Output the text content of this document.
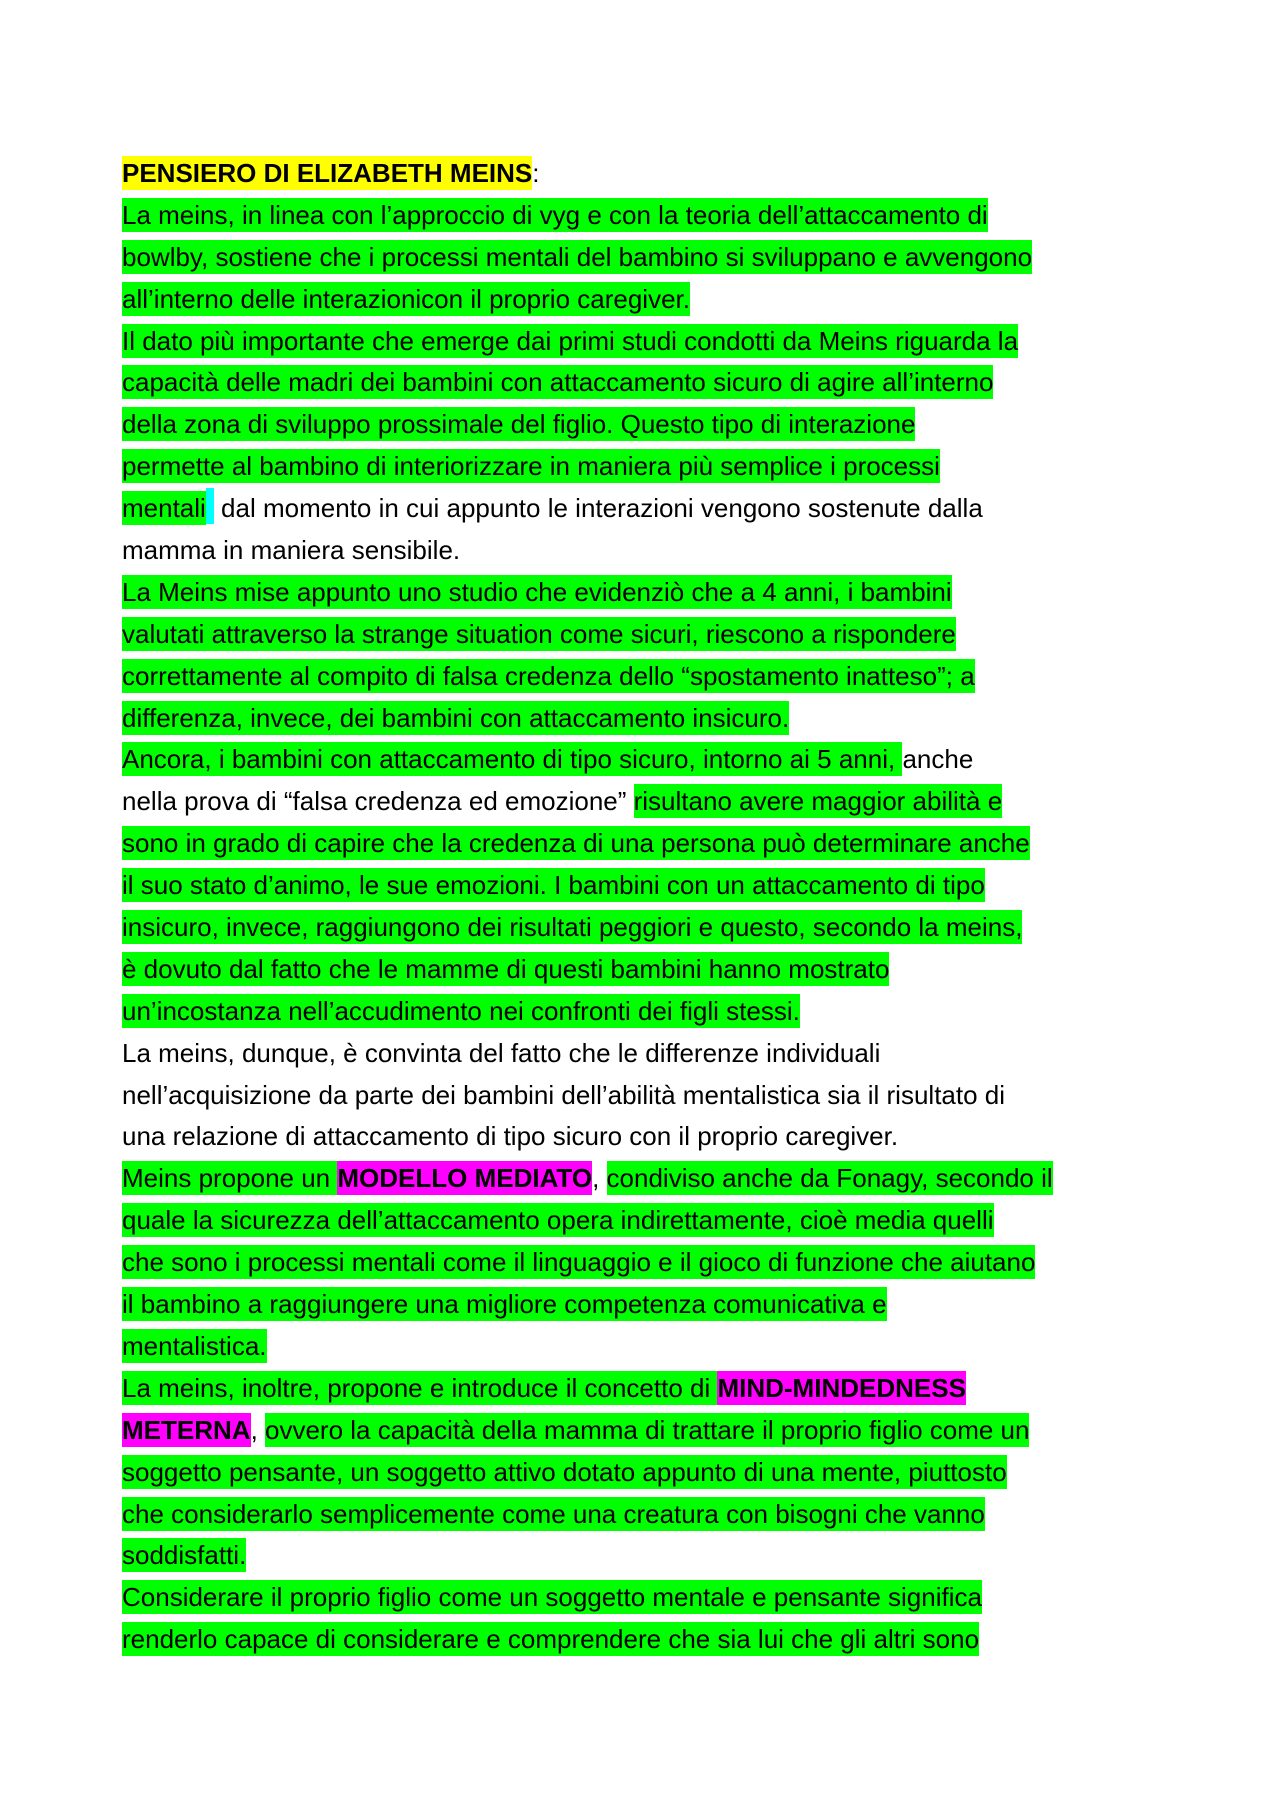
PENSIERO DI ELIZABETH MEINS:
La meins, in linea con l’approccio di vyg e con la teoria dell’attaccamento di
bowlby, sostiene che i processi mentali del bambino si sviluppano e avvengono
all’interno delle interazionicon il proprio caregiver.
Il dato più importante che emerge dai primi studi condotti da Meins riguarda la
capacità delle madri dei bambini con attaccamento sicuro di agire all’interno
della zona di sviluppo prossimale del figlio. Questo tipo di interazione
permette al bambino di interiorizzare in maniera più semplice i processi
mentali dal momento in cui appunto le interazioni vengono sostenute dalla
mamma in maniera sensibile.
La Meins mise appunto uno studio che evidenziò che a 4 anni, i bambini
valutati attraverso la strange situation come sicuri, riescono a rispondere
correttamente al compito di falsa credenza dello “spostamento inatteso”; a
differenza, invece, dei bambini con attaccamento insicuro.
Ancora, i bambini con attaccamento di tipo sicuro, intorno ai 5 anni, anche
nella prova di “falsa credenza ed emozione” risultano avere maggior abilità e
sono in grado di capire che la credenza di una persona può determinare anche
il suo stato d’animo, le sue emozioni. I bambini con un attaccamento di tipo
insicuro, invece, raggiungono dei risultati peggiori e questo, secondo la meins,
è dovuto dal fatto che le mamme di questi bambini hanno mostrato
un’incostanza nell’accudimento nei confronti dei figli stessi.
La meins, dunque, è convinta del fatto che le differenze individuali
nell’acquisizione da parte dei bambini dell’abilità mentalistica sia il risultato di
una relazione di attaccamento di tipo sicuro con il proprio caregiver.
Meins propone un MODELLO MEDIATO, condiviso anche da Fonagy, secondo il
quale la sicurezza dell’attaccamento opera indirettamente, cioè media quelli
che sono i processi mentali come il linguaggio e il gioco di funzione che aiutano
il bambino a raggiungere una migliore competenza comunicativa e
mentalistica.
La meins, inoltre, propone e introduce il concetto di MIND-MINDEDNESS
METERNA, ovvero la capacità della mamma di trattare il proprio figlio come un
soggetto pensante, un soggetto attivo dotato appunto di una mente, piuttosto
che considerarlo semplicemente come una creatura con bisogni che vanno
soddisfatti.
Considerare il proprio figlio come un soggetto mentale e pensante significa
renderlo capace di considerare e comprendere che sia lui che gli altri sono
